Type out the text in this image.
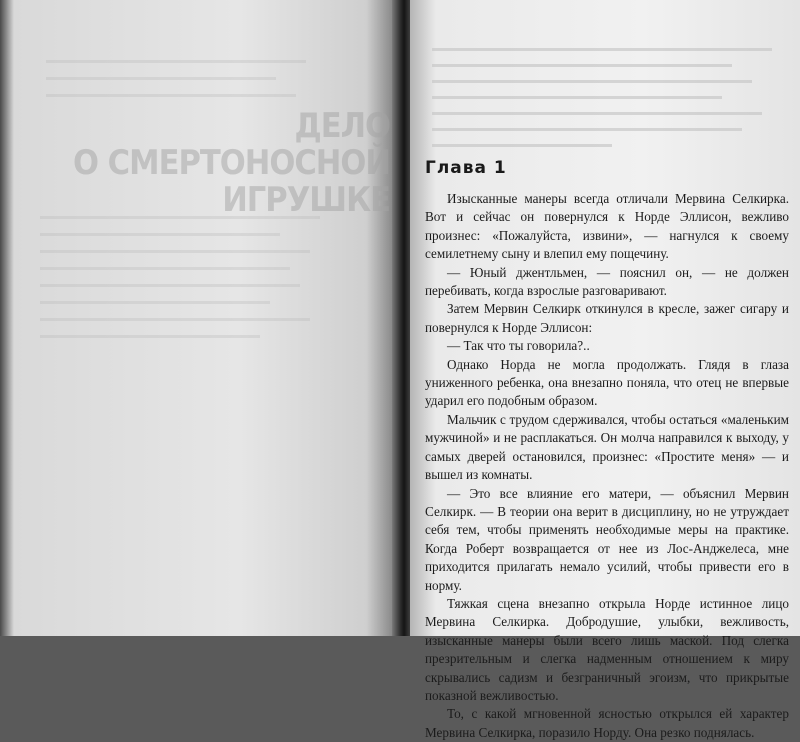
ДЕЛО
О СМЕРТОНОСНОЙ
ИГРУШКЕ
Глава 1

Изысканные манеры всегда отличали Мервина Селкирка. Вот и сейчас он повернулся к Норде Эллисон, вежливо произнес: «Пожалуйста, извини», — нагнулся к своему семилетнему сыну и влепил ему пощечину.

— Юный джентльмен, — пояснил он, — не должен перебивать, когда взрослые разговаривают.

Затем Мервин Селкирк откинулся в кресле, зажег сигару и повернулся к Норде Эллисон:

— Так что ты говорила?..

Однако Норда не могла продолжать. Глядя в глаза униженного ребенка, она внезапно поняла, что отец не впервые ударил его подобным образом.

Мальчик с трудом сдерживался, чтобы остаться «маленьким мужчиной» и не расплакаться. Он молча направился к выходу, у самых дверей остановился, произнес: «Простите меня» — и вышел из комнаты.

— Это все влияние его матери, — объяснил Мервин Селкирк. — В теории она верит в дисциплину, но не утруждает себя тем, чтобы применять необходимые меры на практике. Когда Роберт возвращается от нее из Лос-Анджелеса, мне приходится прилагать немало усилий, чтобы привести его в норму.

Тяжкая сцена внезапно открыла Норде истинное лицо Мервина Селкирка. Добродушие, улыбки, вежливость, изысканные манеры были всего лишь маской. Под слегка презрительным и слегка надменным отношением к миру скрывались садизм и безграничный эгоизм, что прикрытые показной вежливостью.

То, с какой мгновенной ясностью открылся ей характер Мервина Селкирка, поразило Норду. Она резко поднялась.
